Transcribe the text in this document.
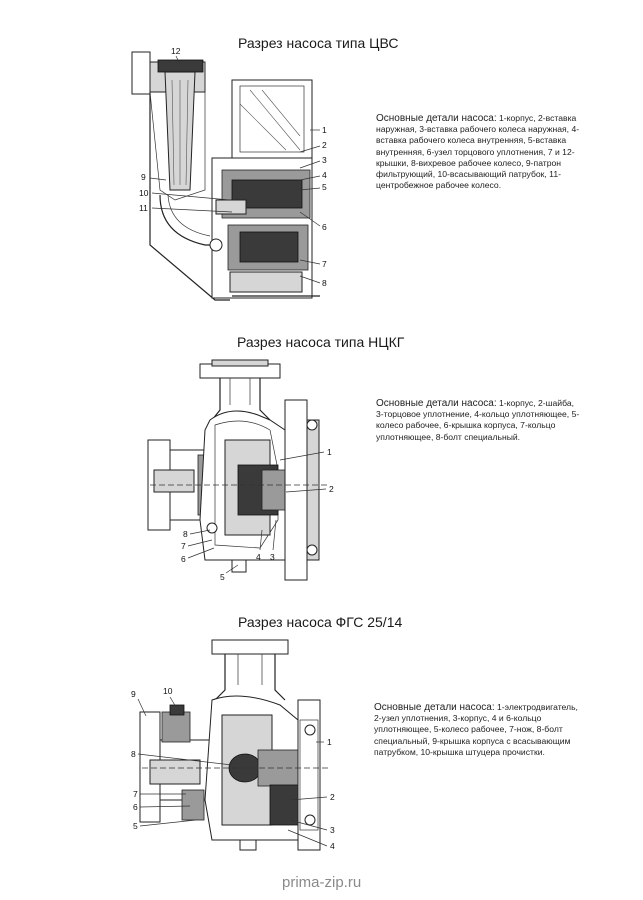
Разрез насоса типа ЦВС
12
1
2
3
4
5
6
7
8
9
10
11
1
2
8
7
6
5
4 3
9	10
8
7
6
5
1
2
3
4
Основные детали насоса: 1-корпус, 2-вставка наружная, 3-вставка рабочего колеса наружная, 4-вставка рабочего колеса внутренняя, 5-вставка внутренняя, 6-узел торцового уплотнения, 7 и 12-крышки, 8-вихревое рабочее колесо, 9-патрон фильтрующий, 10-всасывающий патрубок, 11-центробежное рабочее колесо.
Разрез насоса типа НЦКГ
Основные детали насоса: 1-корпус, 2-шайба, 3-торцовое уплотнение, 4-кольцо уплотняющее, 5-колесо рабочее, 6-крышка корпуса, 7-кольцо уплотняющее, 8-болт специальный.
Разрез насоса ФГС 25/14
Основные детали насоса: 1-электродвигатель, 2-узел уплотнения, 3-корпус, 4 и 6-кольцо уплотняющее, 5-колесо рабочее, 7-нож, 8-болт специальный, 9-крышка корпуса с всасывающим патрубком, 10-крышка штуцера прочистки.
prima-zip.ru
